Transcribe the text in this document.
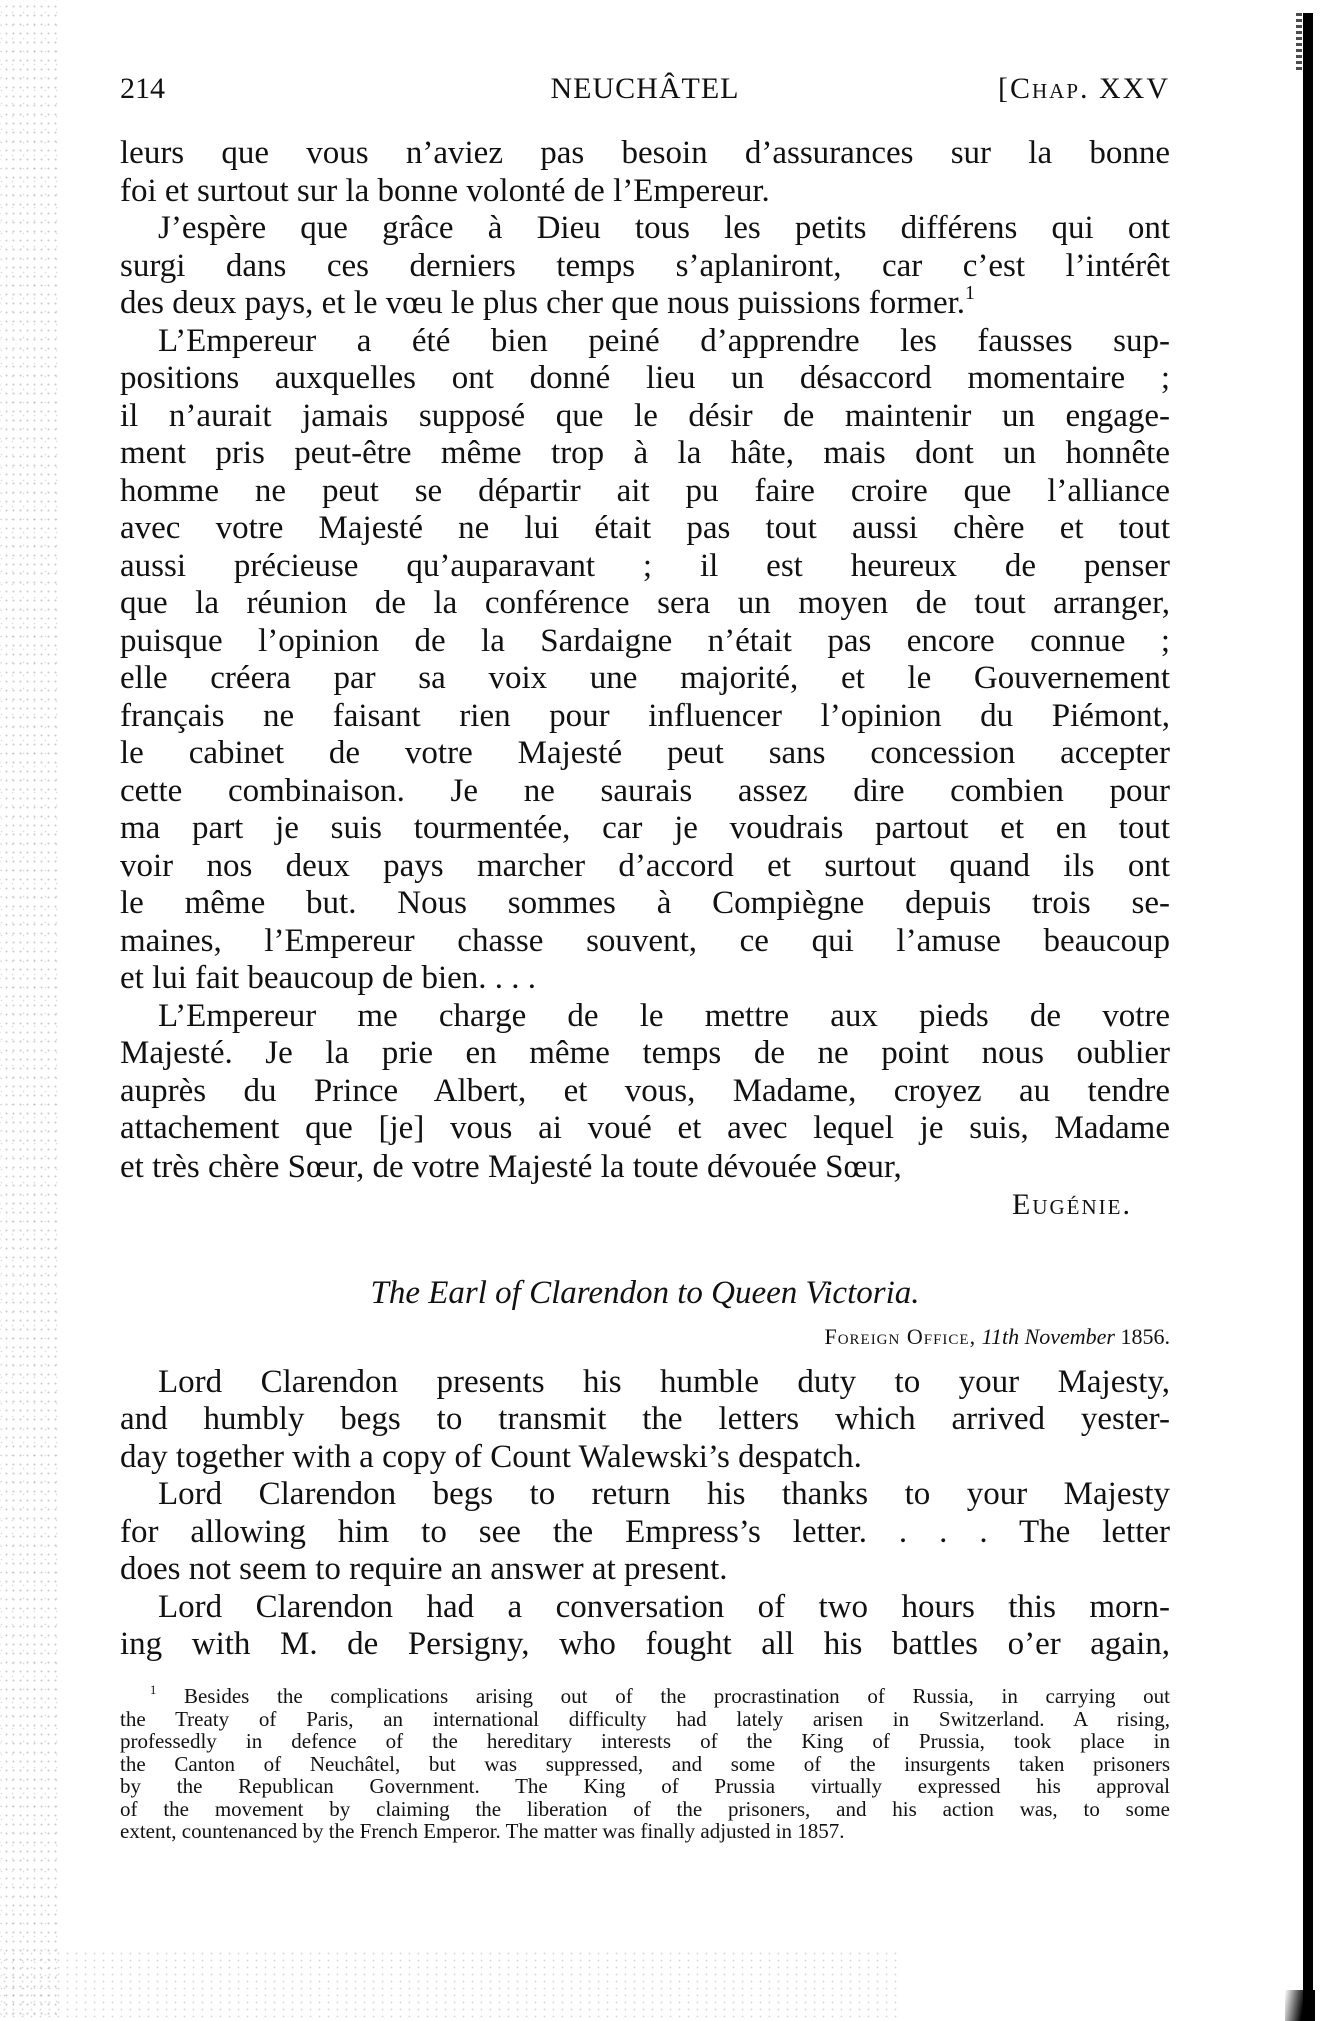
214	NEUCHÂTEL	[Chap. XXV
leurs que vous n’aviez pas besoin d’assurances sur la bonne
foi et surtout sur la bonne volonté de l’Empereur.
J’espère que grâce à Dieu tous les petits différens qui ont
surgi dans ces derniers temps s’aplaniront, car c’est l’intérêt
des deux pays, et le vœu le plus cher que nous puissions former.$^1$
L’Empereur a été bien peiné d’apprendre les fausses sup-
positions auxquelles ont donné lieu un désaccord momentaire ;
il n’aurait jamais supposé que le désir de maintenir un engage-
ment pris peut-être même trop à la hâte, mais dont un honnête
homme ne peut se départir ait pu faire croire que l’alliance
avec votre Majesté ne lui était pas tout aussi chère et tout
aussi précieuse qu’auparavant ; il est heureux de penser
que la réunion de la conférence sera un moyen de tout arranger,
puisque l’opinion de la Sardaigne n’était pas encore connue ;
elle créera par sa voix une majorité, et le Gouvernement
français ne faisant rien pour influencer l’opinion du Piémont,
le cabinet de votre Majesté peut sans concession accepter
cette combinaison. Je ne saurais assez dire combien pour
ma part je suis tourmentée, car je voudrais partout et en tout
voir nos deux pays marcher d’accord et surtout quand ils ont
le même but. Nous sommes à Compiègne depuis trois se-
maines, l’Empereur chasse souvent, ce qui l’amuse beaucoup
et lui fait beaucoup de bien. . . .
L’Empereur me charge de le mettre aux pieds de votre
Majesté. Je la prie en même temps de ne point nous oublier
auprès du Prince Albert, et vous, Madame, croyez au tendre
attachement que [je] vous ai voué et avec lequel je suis, Madame
et très chère Sœur, de votre Majesté la toute dévouée Sœur,
Eugénie.
The Earl of Clarendon to Queen Victoria.
Foreign Office, 11th November 1856.
Lord Clarendon presents his humble duty to your Majesty,
and humbly begs to transmit the letters which arrived yester-
day together with a copy of Count Walewski’s despatch.
Lord Clarendon begs to return his thanks to your Majesty
for allowing him to see the Empress’s letter. . . . The letter
does not seem to require an answer at present.
Lord Clarendon had a conversation of two hours this morn-
ing with M. de Persigny, who fought all his battles o’er again,
$^1$ Besides the complications arising out of the procrastination of Russia, in carrying out
the Treaty of Paris, an international difficulty had lately arisen in Switzerland. A rising,
professedly in defence of the hereditary interests of the King of Prussia, took place in
the Canton of Neuchâtel, but was suppressed, and some of the insurgents taken prisoners
by the Republican Government. The King of Prussia virtually expressed his approval
of the movement by claiming the liberation of the prisoners, and his action was, to some
extent, countenanced by the French Emperor. The matter was finally adjusted in 1857.
